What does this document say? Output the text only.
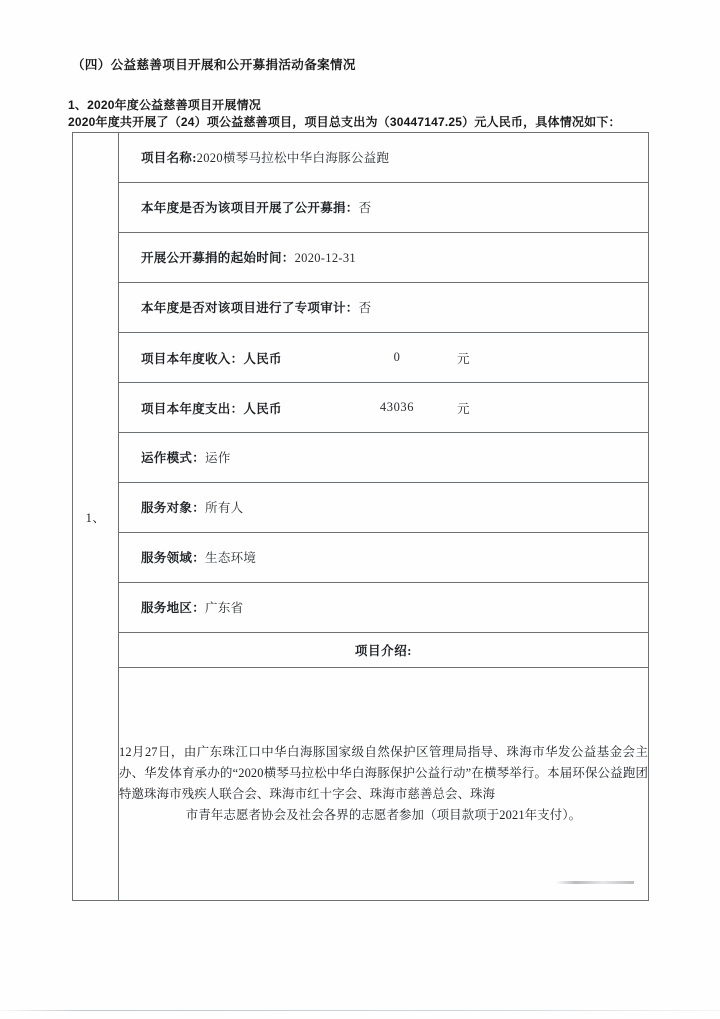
（四）公益慈善项目开展和公开募捐活动备案情况
1、2020年度公益慈善项目开展情况
2020年度共开展了（24）项公益慈善项目，项目总支出为（30447147.25）元人民币，具体情况如下：
1、	
项目名称:2020横琴马拉松中华白海豚公益跑

本年度是否为该项目开展了公开募捐：否

开展公开募捐的起始时间：2020-12-31

本年度是否对该项目进行了专项审计：否

项目本年度收入：人民币	0	元

项目本年度支出：人民币	43036	元

运作模式：运作

服务对象：所有人

服务领域：生态环境

服务地区：广东省

项目介绍:

12月27日，由广东珠江口中华白海豚国家级自然保护区管理局指导、珠海市华发公益基金会主办、华发体育承办的“2020横琴马拉松中华白海豚保护公益行动”在横琴举行。本届环保公益跑团特邀珠海市残疾人联合会、珠海市红十字会、珠海市慈善总会、珠海
市青年志愿者协会及社会各界的志愿者参加（项目款项于2021年支付）。
